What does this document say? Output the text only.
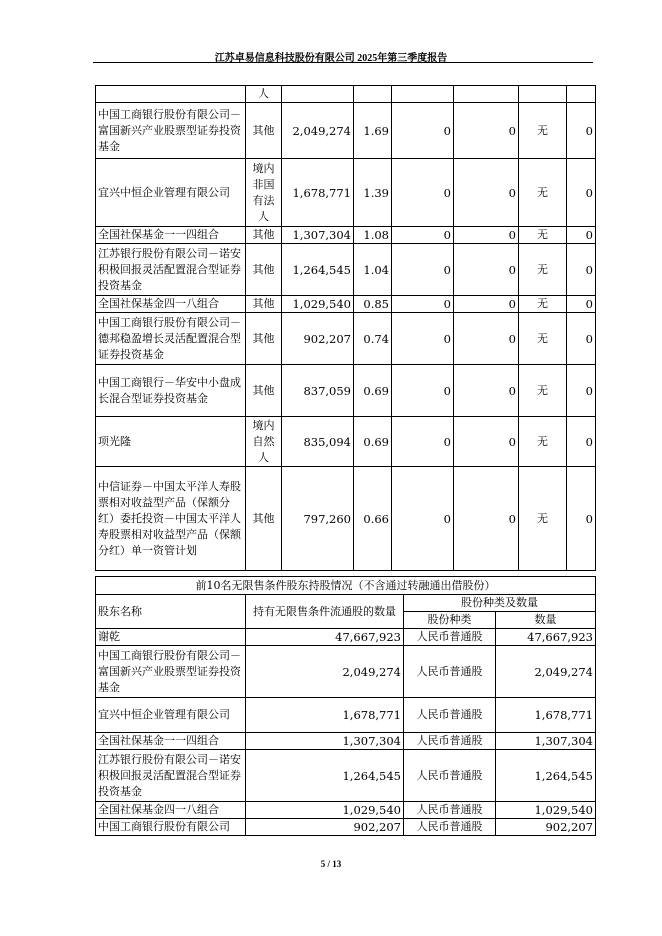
江苏卓易信息科技股份有限公司 2025年第三季度报告
	人						
中国工商银行股份有限公司－富国新兴产业股票型证券投资基金	其他	2,049,274	1.69	0	0	无	0
宜兴中恒企业管理有限公司	境内非国有法人	1,678,771	1.39	0	0	无	0
全国社保基金一一四组合	其他	1,307,304	1.08	0	0	无	0
江苏银行股份有限公司－诺安积极回报灵活配置混合型证券投资基金	其他	1,264,545	1.04	0	0	无	0
全国社保基金四一八组合	其他	1,029,540	0.85	0	0	无	0
中国工商银行股份有限公司－德邦稳盈增长灵活配置混合型证券投资基金	其他	902,207	0.74	0	0	无	0
中国工商银行－华安中小盘成长混合型证券投资基金	其他	837,059	0.69	0	0	无	0
项光隆	境内自然人	835,094	0.69	0	0	无	0
中信证券－中国太平洋人寿股票相对收益型产品（保额分红）委托投资－中国太平洋人寿股票相对收益型产品（保额分红）单一资管计划	其他	797,260	0.66	0	0	无	0
前10名无限售条件股东持股情况（不含通过转融通出借股份）			
股东名称	持有无限售条件流通股的数量	股份种类及数量	
		股份种类	数量
谢乾	47,667,923	人民币普通股	47,667,923
中国工商银行股份有限公司－富国新兴产业股票型证券投资基金	2,049,274	人民币普通股	2,049,274
宜兴中恒企业管理有限公司	1,678,771	人民币普通股	1,678,771
全国社保基金一一四组合	1,307,304	人民币普通股	1,307,304
江苏银行股份有限公司－诺安积极回报灵活配置混合型证券投资基金	1,264,545	人民币普通股	1,264,545
全国社保基金四一八组合	1,029,540	人民币普通股	1,029,540
中国工商银行股份有限公司	902,207	人民币普通股	902,207
5 / 13
